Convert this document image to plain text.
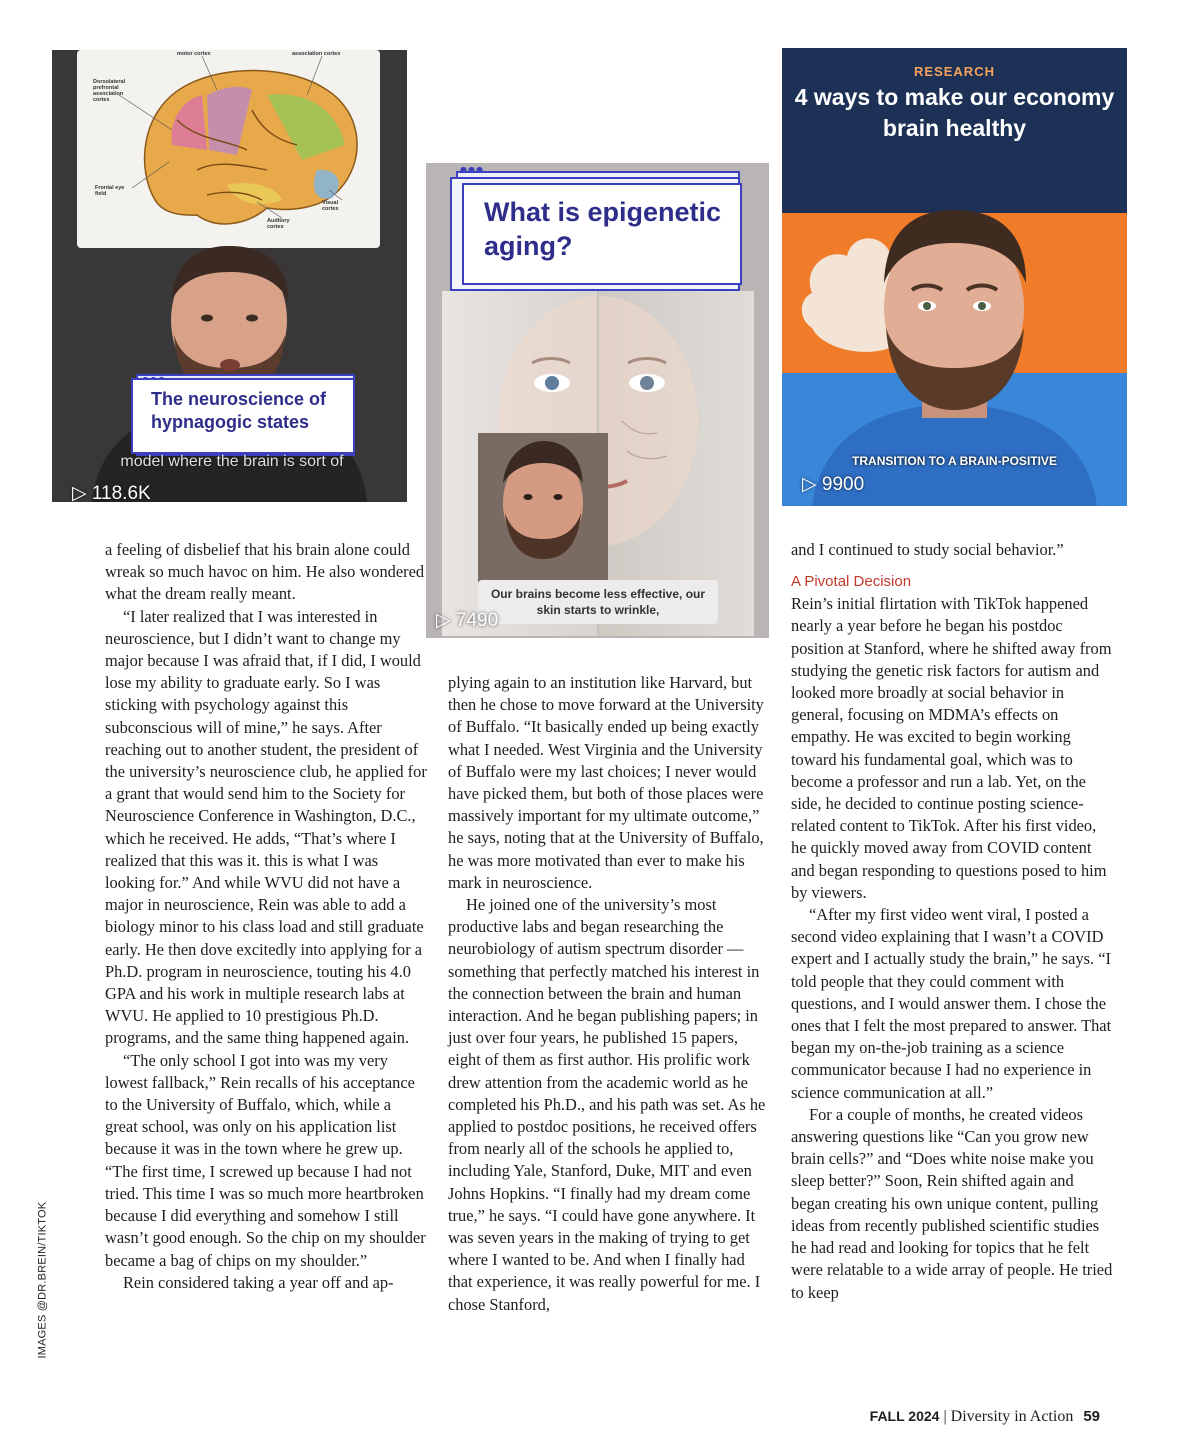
motor cortex	association cortex
Dorsolateral prefrontal association cortex
Frontal eye field
Auditory cortex
Visual cortex
The neuroscience of hypnagogic states
model where the brain is sort of
▷ 118.6K
●●●
What is epigenetic aging?
Our brains become less effective, our skin starts to wrinkle,
▷ 7490
RESEARCH
4 ways to make our economy brain healthy
TRANSITION TO A BRAIN-POSITIVE
▷ 9900

a feeling of disbelief that his brain alone could wreak so much havoc on him. He also wondered what the dream really meant.

“I later realized that I was interested in neuroscience, but I didn’t want to change my major because I was afraid that, if I did, I would lose my ability to graduate early. So I was sticking with psychology against this subconscious will of mine,” he says. After reaching out to another student, the president of the university’s neuroscience club, he applied for a grant that would send him to the Society for Neuroscience Conference in Washington, D.C., which he received. He adds, “That’s where I realized that this was it. this is what I was looking for.” And while WVU did not have a major in neuroscience, Rein was able to add a biology minor to his class load and still graduate early. He then dove excitedly into applying for a Ph.D. program in neuroscience, touting his 4.0 GPA and his work in multiple research labs at WVU. He applied to 10 prestigious Ph.D. programs, and the same thing happened again.

“The only school I got into was my very lowest fallback,” Rein recalls of his acceptance to the University of Buffalo, which, while a great school, was only on his application list because it was in the town where he grew up. “The first time, I screwed up because I had not tried. This time I was so much more heartbroken because I did everything and somehow I still wasn’t good enough. So the chip on my shoulder became a bag of chips on my shoulder.”

Rein considered taking a year off and ap-

plying again to an institution like Harvard, but then he chose to move forward at the University of Buffalo. “It basically ended up being exactly what I needed. West Virginia and the University of Buffalo were my last choices; I never would have picked them, but both of those places were massively important for my ultimate outcome,” he says, noting that at the University of Buffalo, he was more motivated than ever to make his mark in neuroscience.

He joined one of the university’s most productive labs and began researching the neurobiology of autism spectrum disorder — something that perfectly matched his interest in the connection between the brain and human interaction. And he began publishing papers; in just over four years, he published 15 papers, eight of them as first author. His prolific work drew attention from the academic world as he completed his Ph.D., and his path was set. As he applied to postdoc positions, he received offers from nearly all of the schools he applied to, including Yale, Stanford, Duke, MIT and even Johns Hopkins. “I finally had my dream come true,” he says. “I could have gone anywhere. It was seven years in the making of trying to get where I wanted to be. And when I finally had that experience, it was really powerful for me. I chose Stanford,

and I continued to study social behavior.”

A Pivotal Decision

Rein’s initial flirtation with TikTok happened nearly a year before he began his postdoc position at Stanford, where he shifted away from studying the genetic risk factors for autism and looked more broadly at social behavior in general, focusing on MDMA’s effects on empathy. He was excited to begin working toward his fundamental goal, which was to become a professor and run a lab. Yet, on the side, he decided to continue posting science-related content to TikTok. After his first video, he quickly moved away from COVID content and began responding to questions posed to him by viewers.

“After my first video went viral, I posted a second video explaining that I wasn’t a COVID expert and I actually study the brain,” he says. “I told people that they could comment with questions, and I would answer them. I chose the ones that I felt the most prepared to answer. That began my on-the-job training as a science communicator because I had no experience in science communication at all.”

For a couple of months, he created videos answering questions like “Can you grow new brain cells?” and “Does white noise make you sleep better?” Soon, Rein shifted again and began creating his own unique content, pulling ideas from recently published scientific studies he had read and looking for topics that he felt were relatable to a wide array of people. He tried to keep

IMAGES @DR.BREIN/TIKTOK
FALL 2024 | Diversity in Action 59
